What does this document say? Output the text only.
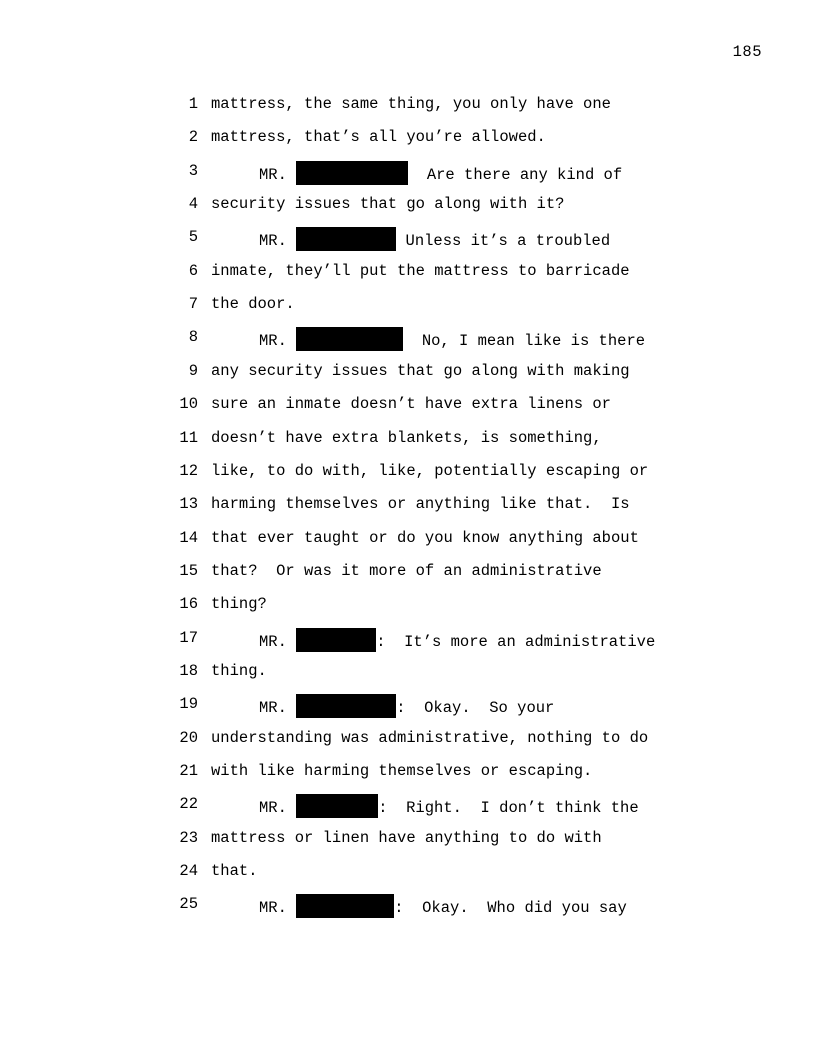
185
1 mattress, the same thing, you only have one
2 mattress, that’s all you’re allowed.
3	MR.	Are there any kind of
4 security issues that go along with it?
5	MR.	Unless it’s a troubled
6 inmate, they’ll put the mattress to barricade
7 the door.
8	MR.	No, I mean like is there
9 any security issues that go along with making
10 sure an inmate doesn’t have extra linens or
11 doesn’t have extra blankets, is something,
12 like, to do with, like, potentially escaping or
13 harming themselves or anything like that.  Is
14 that ever taught or do you know anything about
15 that?  Or was it more of an administrative
16 thing?
17	MR.	:  It’s more an administrative
18 thing.
19	MR.	:  Okay.  So your
20 understanding was administrative, nothing to do
21 with like harming themselves or escaping.
22	MR.	:  Right.  I don’t think the
23 mattress or linen have anything to do with
24 that.
25	MR.	:  Okay.  Who did you say
